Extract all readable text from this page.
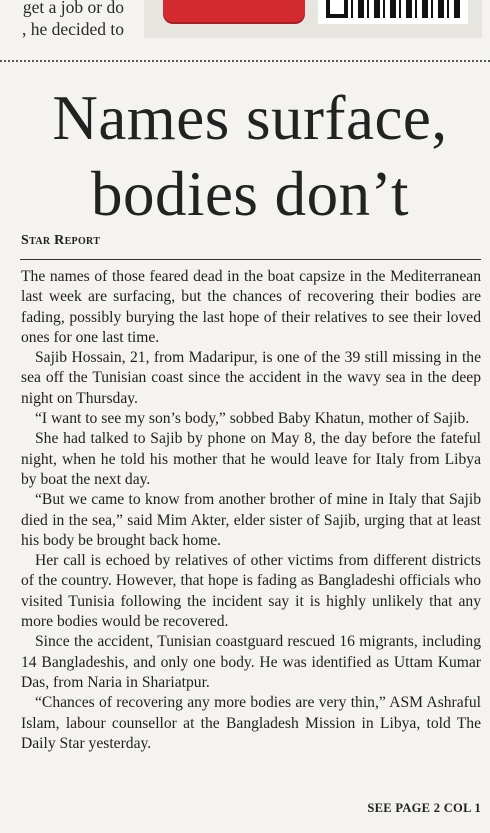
get a job or do
, he decided to
Names surface,
bodies don’t
Star Report

The names of those feared dead in the boat capsize in the Mediterranean last week are surfacing, but the chances of recovering their bodies are fading, possibly burying the last hope of their relatives to see their loved ones for one last time.

Sajib Hossain, 21, from Madaripur, is one of the 39 still missing in the sea off the Tunisian coast since the accident in the wavy sea in the deep night on Thursday.

“I want to see my son’s body,” sobbed Baby Khatun, mother of Sajib.

She had talked to Sajib by phone on May 8, the day before the fateful night, when he told his mother that he would leave for Italy from Libya by boat the next day.

“But we came to know from another brother of mine in Italy that Sajib died in the sea,” said Mim Akter, elder sister of Sajib, urging that at least his body be brought back home.

Her call is echoed by relatives of other victims from different districts of the country. However, that hope is fading as Bangladeshi officials who visited Tunisia following the incident say it is highly unlikely that any more bodies would be recovered.

Since the accident, Tunisian coastguard rescued 16 migrants, including 14 Bangladeshis, and only one body. He was identified as Uttam Kumar Das, from Naria in Shariatpur.

“Chances of recovering any more bodies are very thin,” ASM Ashraful Islam, labour counsellor at the Bangladesh Mission in Libya, told The Daily Star yesterday.

SEE PAGE 2 COL 1
